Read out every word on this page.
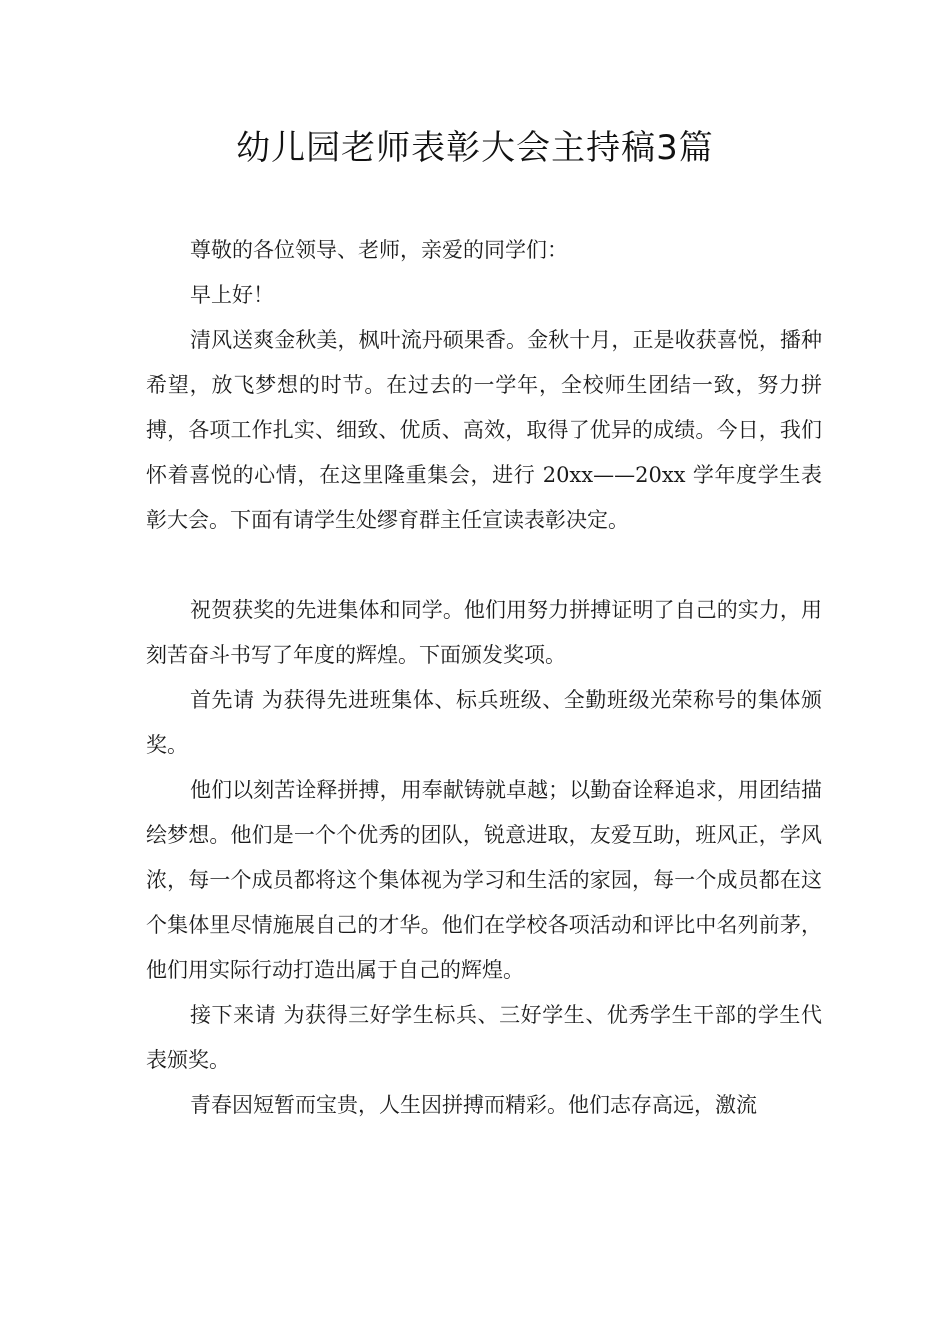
幼儿园老师表彰大会主持稿3篇

尊敬的各位领导、老师，亲爱的同学们：

早上好！

清风送爽金秋美，枫叶流丹硕果香。金秋十月，正是收获喜悦，播种希望，放飞梦想的时节。在过去的一学年，全校师生团结一致，努力拼搏，各项工作扎实、细致、优质、高效，取得了优异的成绩。今日，我们怀着喜悦的心情，在这里隆重集会，进行 20xx——20xx 学年度学生表彰大会。下面有请学生处缪育群主任宣读表彰决定。

祝贺获奖的先进集体和同学。他们用努力拼搏证明了自己的实力，用刻苦奋斗书写了年度的辉煌。下面颁发奖项。

首先请 为获得先进班集体、标兵班级、全勤班级光荣称号的集体颁奖。

他们以刻苦诠释拼搏，用奉献铸就卓越；以勤奋诠释追求，用团结描绘梦想。他们是一个个优秀的团队，锐意进取，友爱互助，班风正，学风浓，每一个成员都将这个集体视为学习和生活的家园，每一个成员都在这个集体里尽情施展自己的才华。他们在学校各项活动和评比中名列前茅，他们用实际行动打造出属于自己的辉煌。

接下来请 为获得三好学生标兵、三好学生、优秀学生干部的学生代表颁奖。

青春因短暂而宝贵，人生因拼搏而精彩。他们志存高远，激流
